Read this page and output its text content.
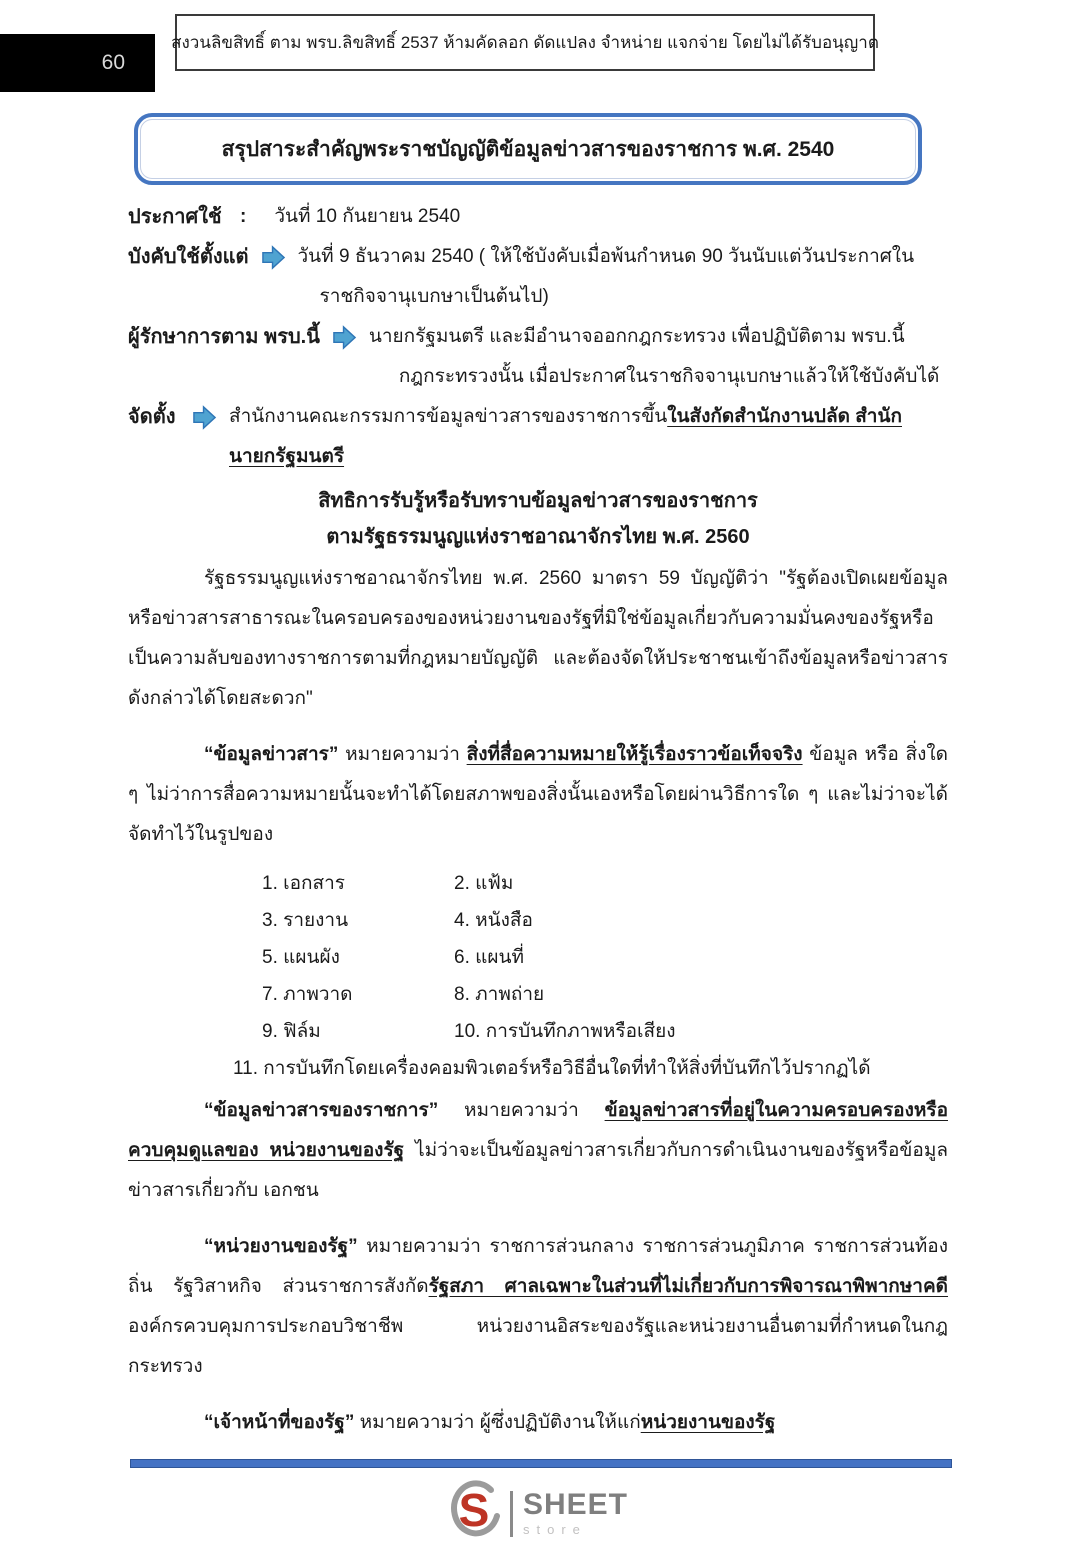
60
สงวนลิขสิทธิ์ ตาม พรบ.ลิขสิทธิ์ 2537 ห้ามคัดลอก ดัดแปลง จำหน่าย แจกจ่าย โดยไม่ได้รับอนุญาต
สรุปสาระสำคัญพระราชบัญญัติข้อมูลข่าวสารของราชการ พ.ศ. 2540
ประกาศใช้ : วันที่ 10 กันยายน 2540
บังคับใช้ตั้งแต่	วันที่ 9 ธันวาคม 2540 ( ให้ใช้บังคับเมื่อพ้นกำหนด 90 วันนับแต่วันประกาศใน
ราชกิจจานุเบกษาเป็นต้นไป)
ผู้รักษาการตาม พรบ.นี้	นายกรัฐมนตรี และมีอำนาจออกกฎกระทรวง เพื่อปฏิบัติตาม พรบ.นี้
กฎกระทรวงนั้น เมื่อประกาศในราชกิจจานุเบกษาแล้วให้ใช้บังคับได้
จัดตั้ง	สำนักงานคณะกรรมการข้อมูลข่าวสารของราชการขึ้นในสังกัดสำนักงานปลัด สำนัก
นายกรัฐมนตรี
สิทธิการรับรู้หรือรับทราบข้อมูลข่าวสารของราชการ
ตามรัฐธรรมนูญแห่งราชอาณาจักรไทย พ.ศ. 2560
รัฐธรรมนูญแห่งราชอาณาจักรไทย พ.ศ. 2560 มาตรา 59 บัญญัติว่า "รัฐต้องเปิดเผยข้อมูลหรือข่าวสารสาธารณะในครอบครองของหน่วยงานของรัฐที่มิใช่ข้อมูลเกี่ยวกับความมั่นคงของรัฐหรือเป็นความลับของทางราชการตามที่กฎหมายบัญญัติ และต้องจัดให้ประชาชนเข้าถึงข้อมูลหรือข่าวสารดังกล่าวได้โดยสะดวก"
“ข้อมูลข่าวสาร” หมายความว่า สิ่งที่สื่อความหมายให้รู้เรื่องราวข้อเท็จจริง ข้อมูล หรือ สิ่งใด ๆ ไม่ว่าการสื่อความหมายนั้นจะทำได้โดยสภาพของสิ่งนั้นเองหรือโดยผ่านวิธีการใด ๆ และไม่ว่าจะได้จัดทำไว้ในรูปของ
1. เอกสาร	2. แฟ้ม
3. รายงาน	4. หนังสือ
5. แผนผัง	6. แผนที่
7. ภาพวาด	8. ภาพถ่าย
9. ฟิล์ม	10. การบันทึกภาพหรือเสียง
11. การบันทึกโดยเครื่องคอมพิวเตอร์หรือวิธีอื่นใดที่ทำให้สิ่งที่บันทึกไว้ปรากฏได้
“ข้อมูลข่าวสารของราชการ” หมายความว่า ข้อมูลข่าวสารที่อยู่ในความครอบครองหรือควบคุมดูแลของ หน่วยงานของรัฐ ไม่ว่าจะเป็นข้อมูลข่าวสารเกี่ยวกับการดำเนินงานของรัฐหรือข้อมูลข่าวสารเกี่ยวกับ เอกชน
“หน่วยงานของรัฐ” หมายความว่า ราชการส่วนกลาง ราชการส่วนภูมิภาค ราชการส่วนท้องถิ่น รัฐวิสาหกิจ ส่วนราชการสังกัดรัฐสภา ศาลเฉพาะในส่วนที่ไม่เกี่ยวกับการพิจารณาพิพากษาคดี องค์กรควบคุมการประกอบวิชาชีพ หน่วยงานอิสระของรัฐและหน่วยงานอื่นตามที่กำหนดในกฎกระทรวง
“เจ้าหน้าที่ของรัฐ” หมายความว่า ผู้ซึ่งปฏิบัติงานให้แก่หน่วยงานของรัฐ
S SHEET
store
